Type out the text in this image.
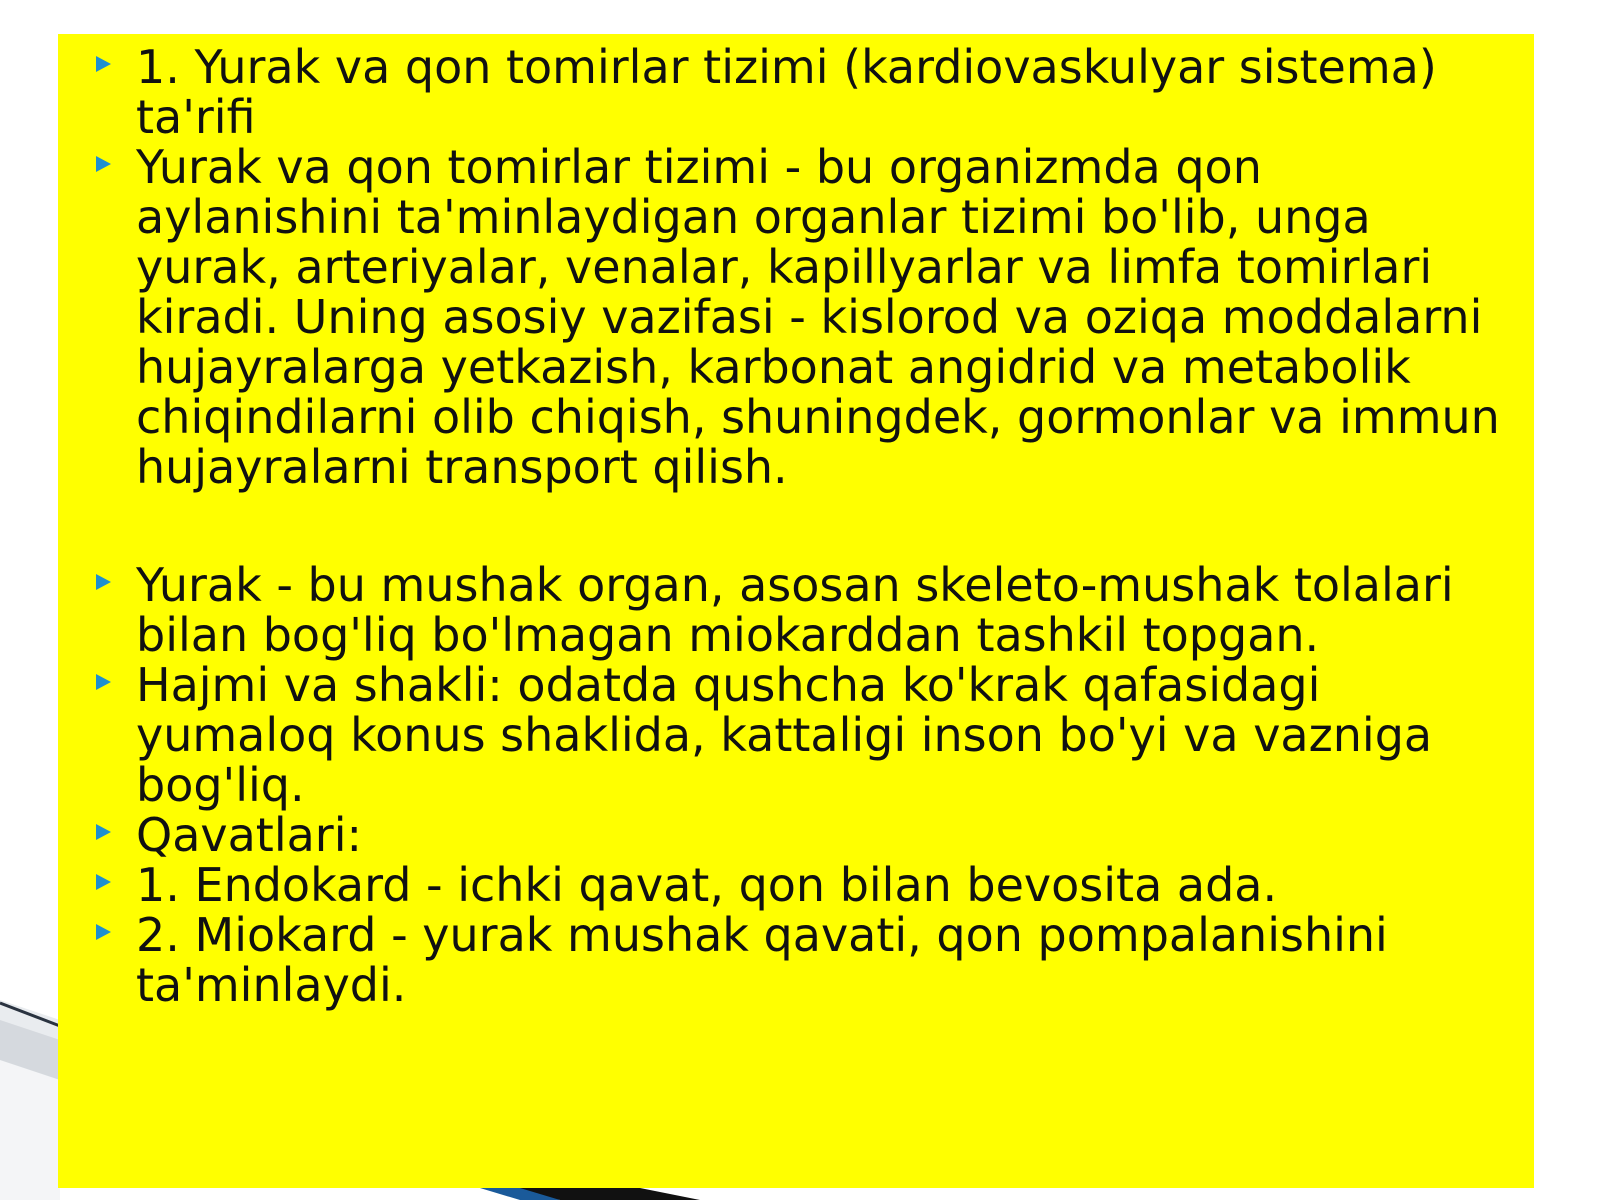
1. Yurak va qon tomirlar tizimi (kardiovaskulyar sistema) ta'rifi
Yurak va qon tomirlar tizimi - bu organizmda qon aylanishini ta'minlaydigan organlar tizimi bo'lib, unga yurak, arteriyalar, venalar, kapillyarlar va limfa tomirlari kiradi. Uning asosiy vazifasi - kislorod va oziqa moddalarni hujayralarga yetkazish, karbonat angidrid va metabolik chiqindilarni olib chiqish, shuningdek, gormonlar va immun hujayralarni transport qilish.
Yurak - bu mushak organ, asosan skeleto-mushak tolalari bilan bog'liq bo'lmagan miokarddan tashkil topgan.
Hajmi va shakli: odatda qushcha ko'krak qafasidagi yumaloq konus shaklida, kattaligi inson bo'yi va vazniga bog'liq.
Qavatlari:
1. Endokard - ichki qavat, qon bilan bevosita ada.
2. Miokard - yurak mushak qavati, qon pompalanishini ta'minlaydi.
